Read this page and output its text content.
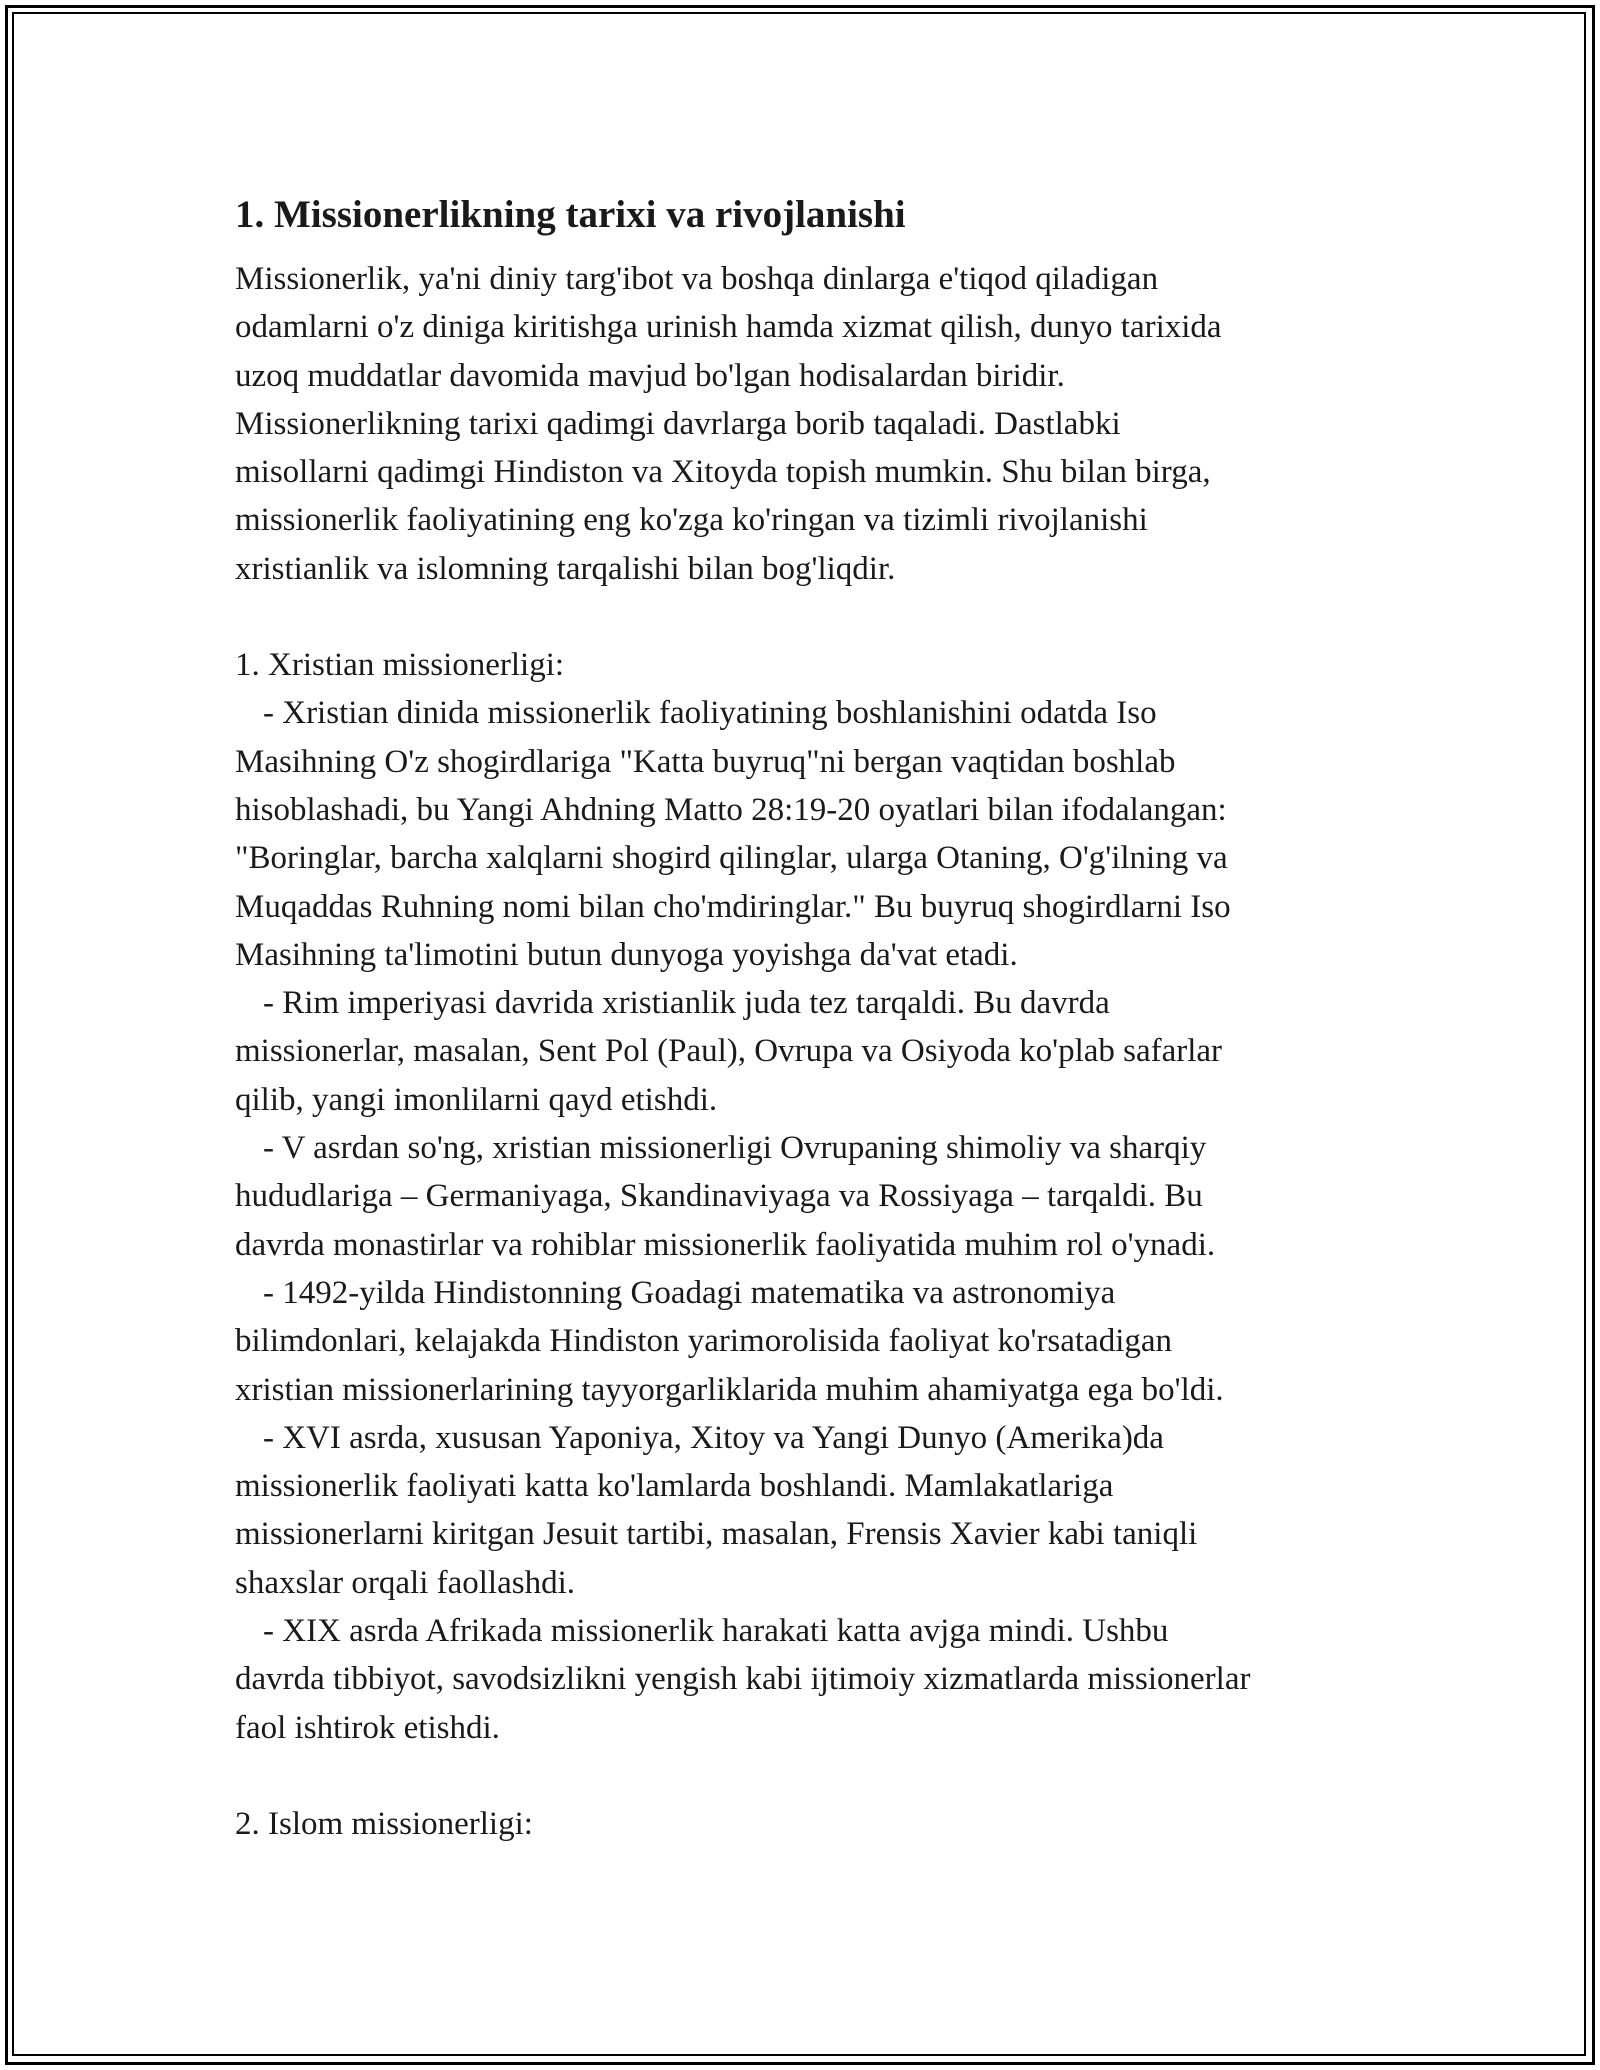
1. Missionerlikning tarixi va rivojlanishi
Missionerlik, ya'ni diniy targ'ibot va boshqa dinlarga e'tiqod qiladigan
odamlarni o'z diniga kiritishga urinish hamda xizmat qilish, dunyo tarixida
uzoq muddatlar davomida mavjud bo'lgan hodisalardan biridir.
Missionerlikning tarixi qadimgi davrlarga borib taqaladi. Dastlabki
misollarni qadimgi Hindiston va Xitoyda topish mumkin. Shu bilan birga,
missionerlik faoliyatining eng ko'zga ko'ringan va tizimli rivojlanishi
xristianlik va islomning tarqalishi bilan bog'liqdir.
1. Xristian missionerligi:
- Xristian dinida missionerlik faoliyatining boshlanishini odatda Iso
Masihning O'z shogirdlariga "Katta buyruq"ni bergan vaqtidan boshlab
hisoblashadi, bu Yangi Ahdning Matto 28:19-20 oyatlari bilan ifodalangan:
"Boringlar, barcha xalqlarni shogird qilinglar, ularga Otaning, O'g'ilning va
Muqaddas Ruhning nomi bilan cho'mdiringlar." Bu buyruq shogirdlarni Iso
Masihning ta'limotini butun dunyoga yoyishga da'vat etadi.
- Rim imperiyasi davrida xristianlik juda tez tarqaldi. Bu davrda
missionerlar, masalan, Sent Pol (Paul), Ovrupa va Osiyoda ko'plab safarlar
qilib, yangi imonlilarni qayd etishdi.
- V asrdan so'ng, xristian missionerligi Ovrupaning shimoliy va sharqiy
hududlariga – Germaniyaga, Skandinaviyaga va Rossiyaga – tarqaldi. Bu
davrda monastirlar va rohiblar missionerlik faoliyatida muhim rol o'ynadi.
- 1492-yilda Hindistonning Goadagi matematika va astronomiya
bilimdonlari, kelajakda Hindiston yarimorolisida faoliyat ko'rsatadigan
xristian missionerlarining tayyorgarliklarida muhim ahamiyatga ega bo'ldi.
- XVI asrda, xususan Yaponiya, Xitoy va Yangi Dunyo (Amerika)da
missionerlik faoliyati katta ko'lamlarda boshlandi. Mamlakatlariga
missionerlarni kiritgan Jesuit tartibi, masalan, Frensis Xavier kabi taniqli
shaxslar orqali faollashdi.
- XIX asrda Afrikada missionerlik harakati katta avjga mindi. Ushbu
davrda tibbiyot, savodsizlikni yengish kabi ijtimoiy xizmatlarda missionerlar
faol ishtirok etishdi.
2. Islom missionerligi:
